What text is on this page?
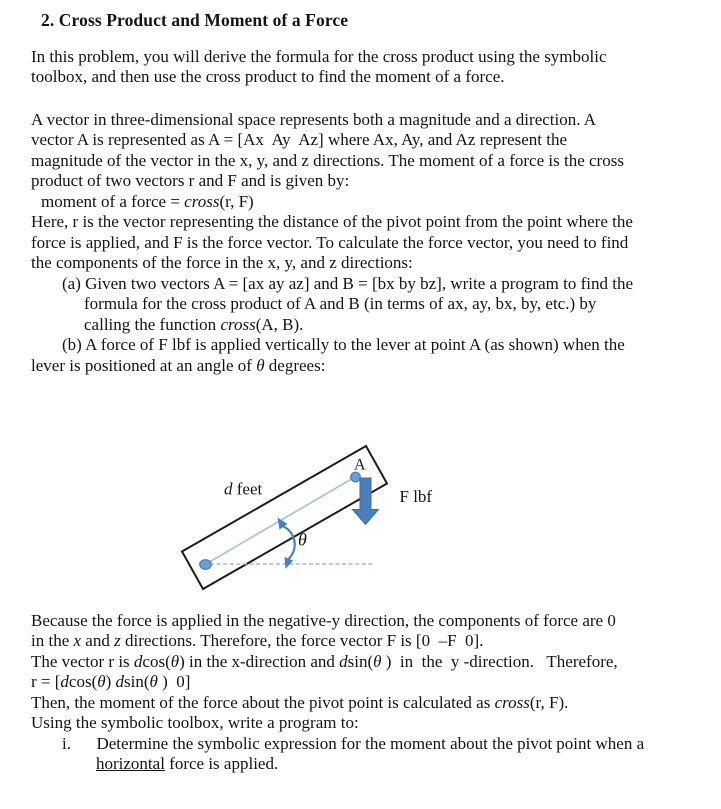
2. Cross Product and Moment of a Force
In this problem, you will derive the formula for the cross product using the symbolic
toolbox, and then use the cross product to find the moment of a force.
A vector in three-dimensional space represents both a magnitude and a direction. A
vector A is represented as A = [Ax  Ay  Az] where Ax, Ay, and Az represent the
magnitude of the vector in the x, y, and z directions. The moment of a force is the cross
product of two vectors r and F and is given by:
moment of a force = cross(r, F)
Here, r is the vector representing the distance of the pivot point from the point where the
force is applied, and F is the force vector. To calculate the force vector, you need to find
the components of the force in the x, y, and z directions:
(a) Given two vectors A = [ax ay az] and B = [bx by bz], write a program to find the
formula for the cross product of A and B (in terms of ax, ay, bx, by, etc.) by
calling the function cross(A, B).
(b) A force of F lbf is applied vertically to the lever at point A (as shown) when the
lever is positioned at an angle of θ degrees:
Because the force is applied in the negative-y direction, the components of force are 0
in the x and z directions. Therefore, the force vector F is [0  –F  0].
The vector r is dcos(θ) in the x-direction and dsin(θ )  in  the  y -direction.   Therefore,
r = [dcos(θ) dsin(θ )  0]
Then, the moment of the force about the pivot point is calculated as cross(r, F).
Using the symbolic toolbox, write a program to:
i.      Determine the symbolic expression for the moment about the pivot point when a
horizontal force is applied.
A
d feet	F lbf
θ
